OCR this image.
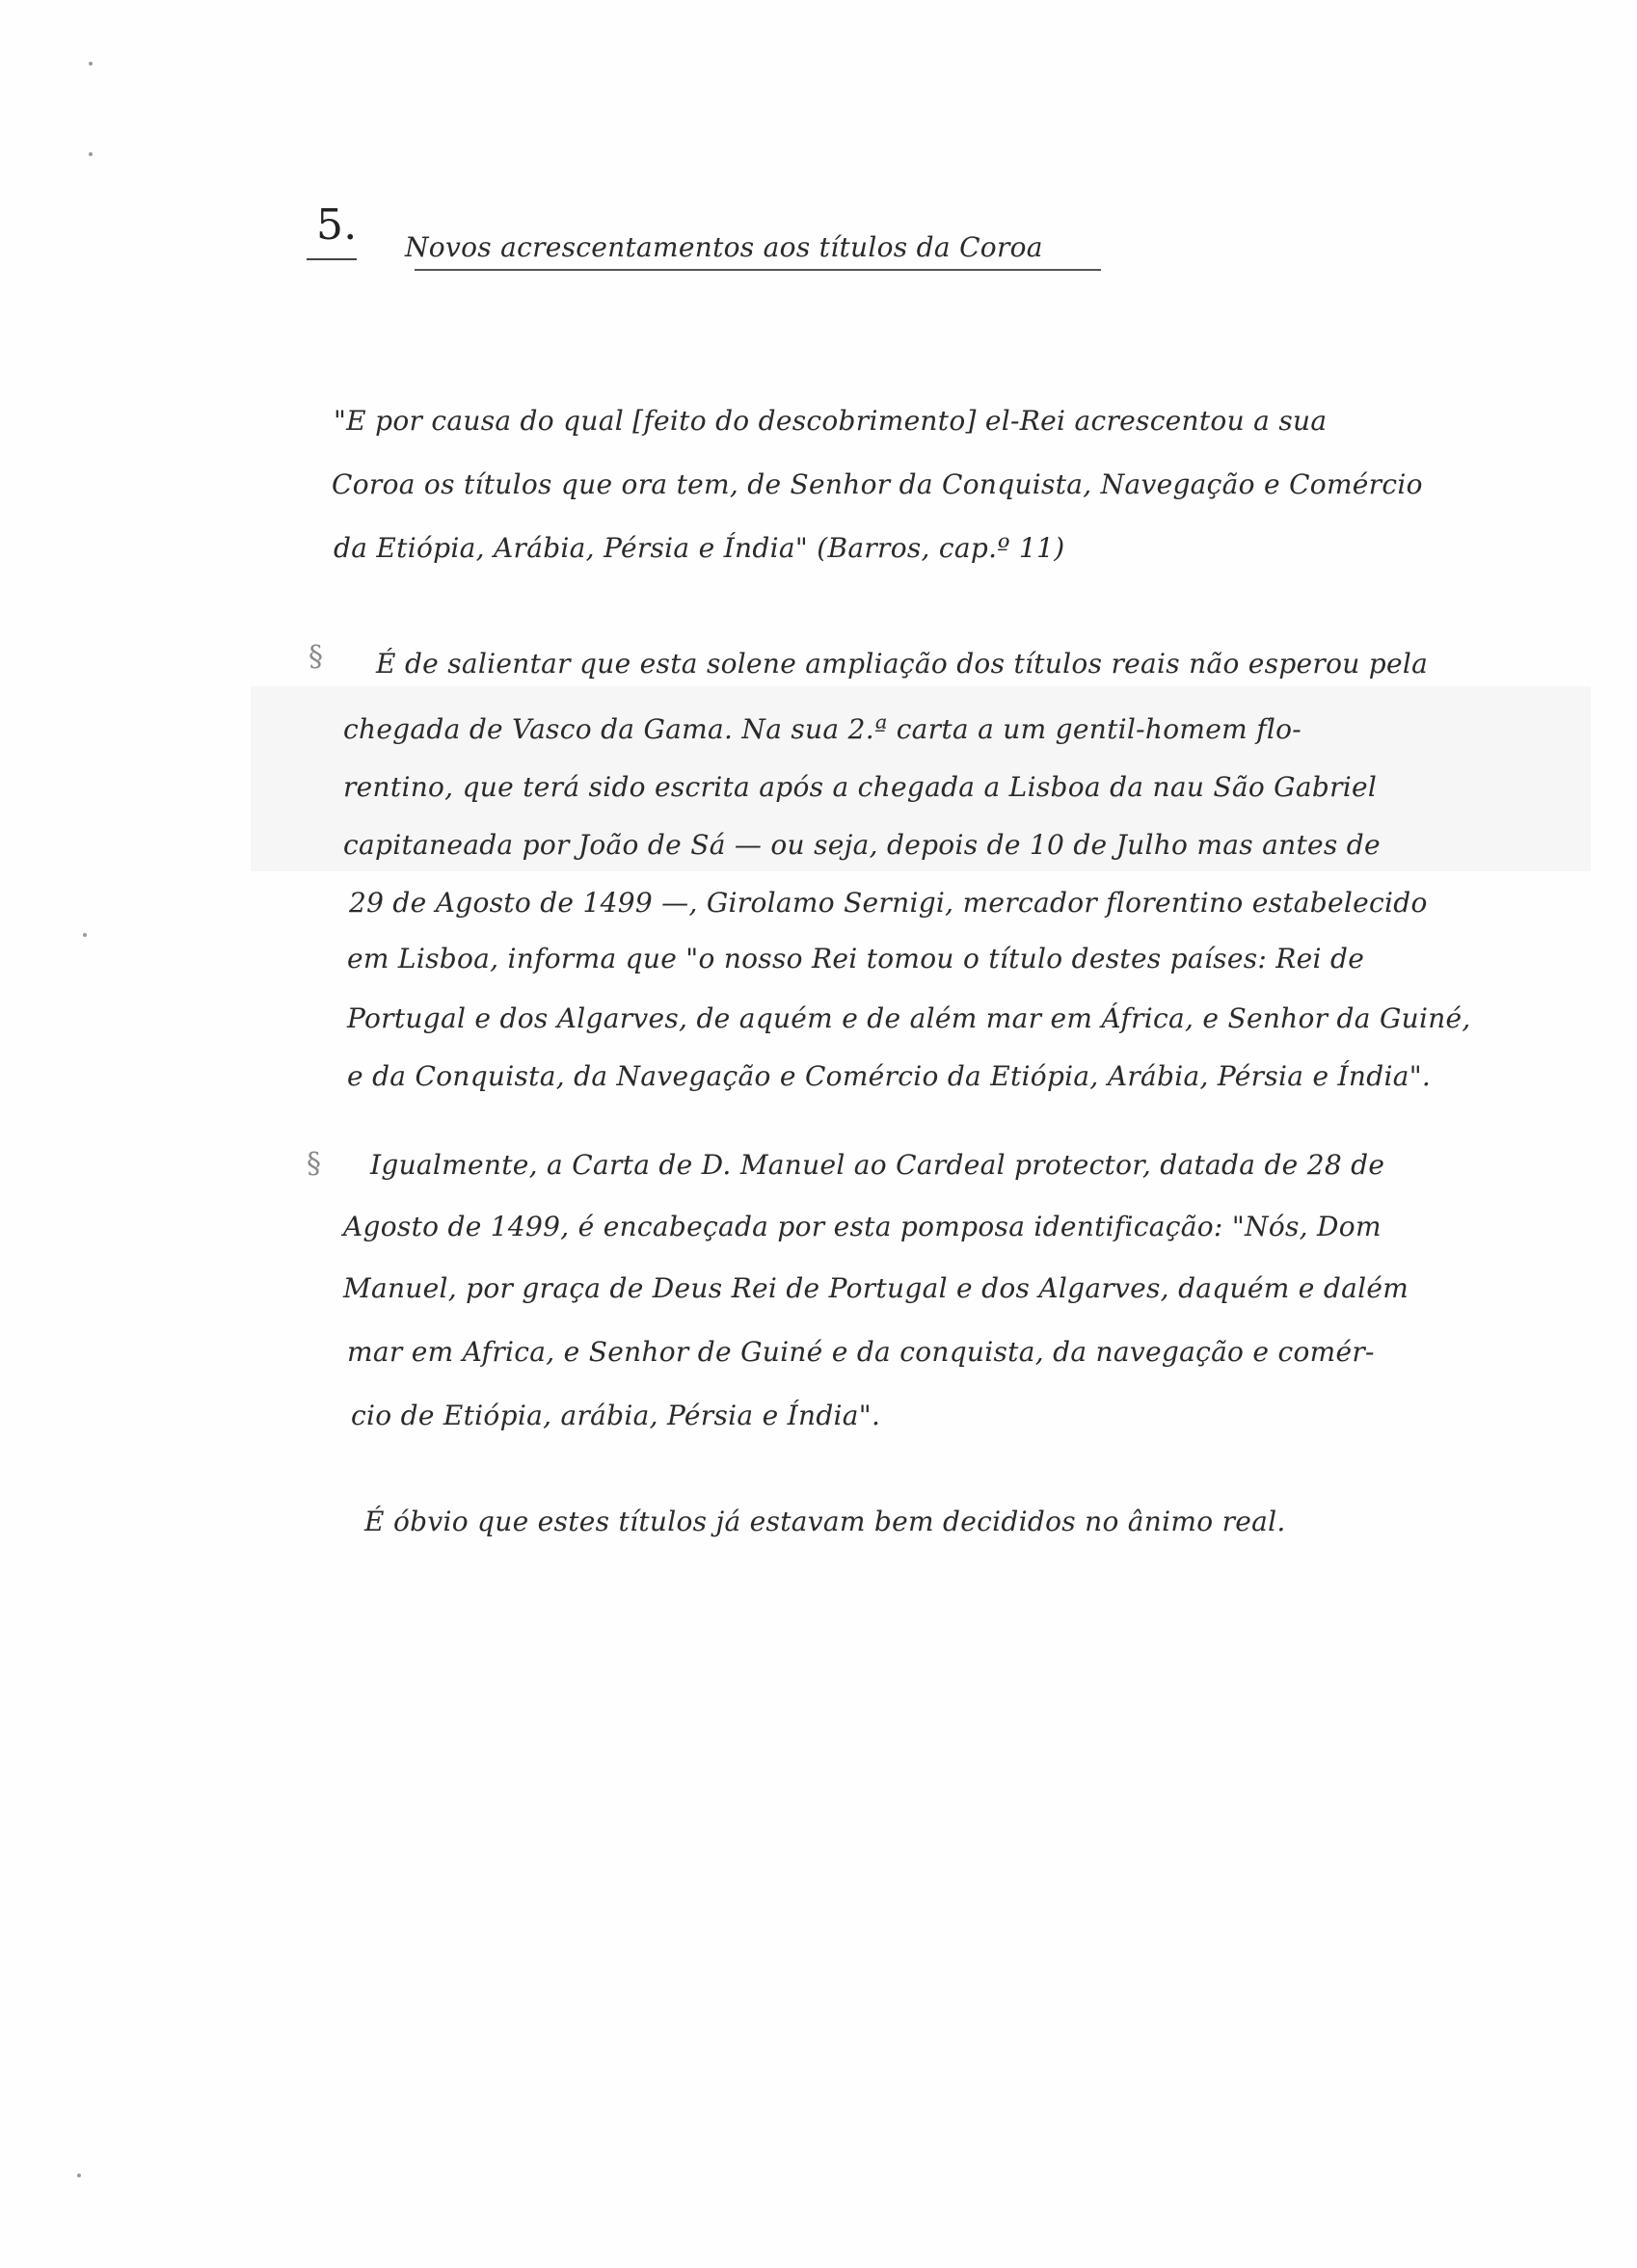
5. Novos acrescentamentos aos títulos da Coroa
"E por causa do qual [feito do descobrimento] el-Rei acrescentou a sua
Coroa os títulos que ora tem, de Senhor da Conquista, Navegação e Comércio
da Etiópia, Arábia, Pérsia e Índia" (Barros, cap.º 11)
§ É de salientar que esta solene ampliação dos títulos reais não esperou pela
chegada de Vasco da Gama. Na sua 2.ª carta a um gentil-homem flo-
rentino, que terá sido escrita após a chegada a Lisboa da nau São Gabriel
capitaneada por João de Sá — ou seja, depois de 10 de Julho mas antes de
29 de Agosto de 1499 —, Girolamo Sernigi, mercador florentino estabelecido
em Lisboa, informa que "o nosso Rei tomou o título destes países: Rei de
Portugal e dos Algarves, de aquém e de além mar em África, e Senhor da Guiné,
e da Conquista, da Navegação e Comércio da Etiópia, Arábia, Pérsia e Índia".
§ Igualmente, a Carta de D. Manuel ao Cardeal protector, datada de 28 de
Agosto de 1499, é encabeçada por esta pomposa identificação: "Nós, Dom
Manuel, por graça de Deus Rei de Portugal e dos Algarves, daquém e dalém
mar em Africa, e Senhor de Guiné e da conquista, da navegação e comér-
cio de Etiópia, arábia, Pérsia e Índia".
É óbvio que estes títulos já estavam bem decididos no ânimo real.
